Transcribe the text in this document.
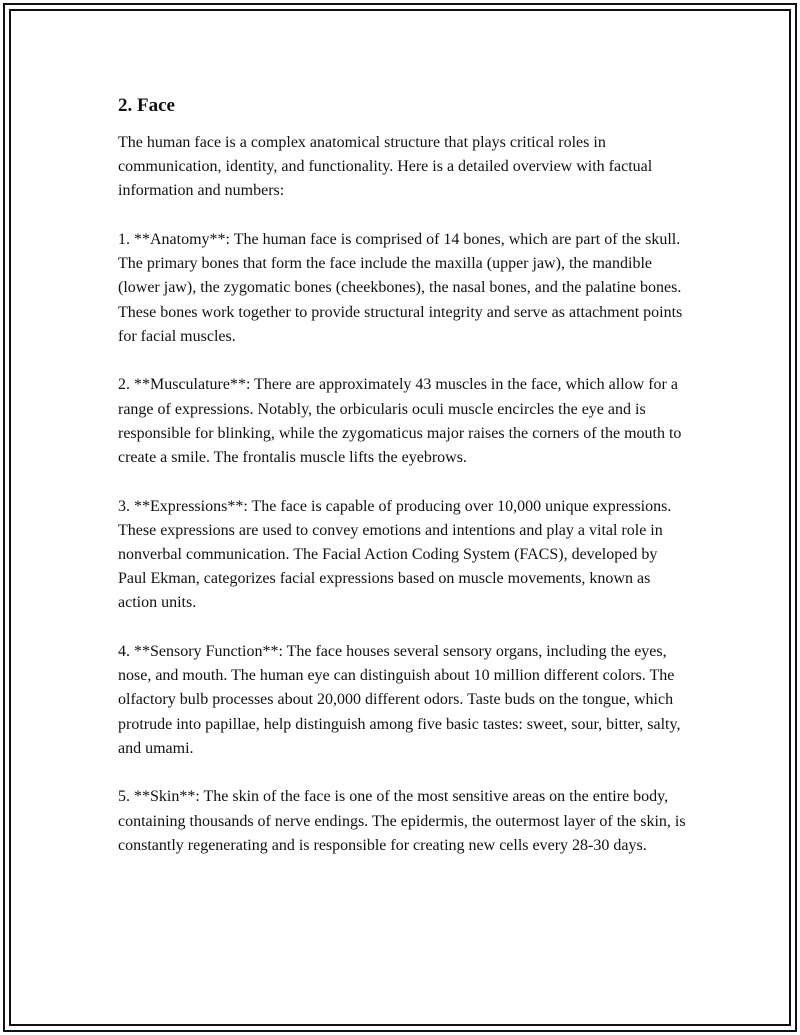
2. Face

The human face is a complex anatomical structure that plays critical roles in communication, identity, and functionality. Here is a detailed overview with factual information and numbers:

1. **Anatomy**: The human face is comprised of 14 bones, which are part of the skull. The primary bones that form the face include the maxilla (upper jaw), the mandible (lower jaw), the zygomatic bones (cheekbones), the nasal bones, and the palatine bones. These bones work together to provide structural integrity and serve as attachment points for facial muscles.

2. **Musculature**: There are approximately 43 muscles in the face, which allow for a range of expressions. Notably, the orbicularis oculi muscle encircles the eye and is responsible for blinking, while the zygomaticus major raises the corners of the mouth to create a smile. The frontalis muscle lifts the eyebrows.

3. **Expressions**: The face is capable of producing over 10,000 unique expressions. These expressions are used to convey emotions and intentions and play a vital role in nonverbal communication. The Facial Action Coding System (FACS), developed by Paul Ekman, categorizes facial expressions based on muscle movements, known as action units.

4. **Sensory Function**: The face houses several sensory organs, including the eyes, nose, and mouth. The human eye can distinguish about 10 million different colors. The olfactory bulb processes about 20,000 different odors. Taste buds on the tongue, which protrude into papillae, help distinguish among five basic tastes: sweet, sour, bitter, salty, and umami.

5. **Skin**: The skin of the face is one of the most sensitive areas on the entire body, containing thousands of nerve endings. The epidermis, the outermost layer of the skin, is constantly regenerating and is responsible for creating new cells every 28-30 days.
